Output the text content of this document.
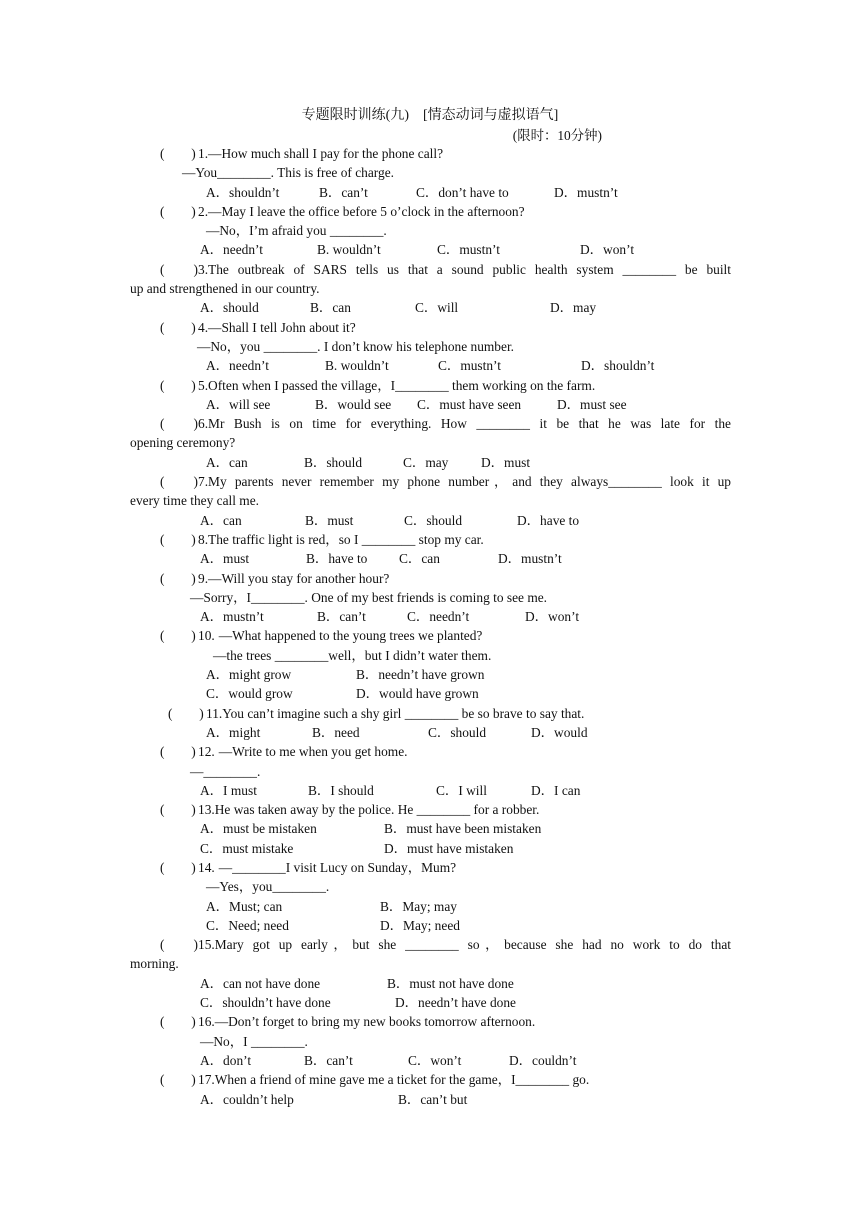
专题限时训练(九)　[情态动词与虚拟语气]
(限时：10分钟)
(　　) 1.—How much shall I pay for the phone call?
—You________. This is free of charge.
A．shouldn’t	B．can’t	C．don’t have to	D．mustn’t
(　　) 2.—May I leave the office before 5 o’clock in the afternoon?
—No，I’m afraid you ________.
A．needn’t	B. wouldn’t	C．mustn’t	D．won’t
(　　)3.The outbreak of SARS tells us that a sound public health system ________ be built
up and strengthened in our country.
A．should	B．can	C．will	D．may
(　　) 4.—Shall I tell John about it?
—No，you ________. I don’t know his telephone number.
A．needn’t	B. wouldn’t	C．mustn’t	D．shouldn’t
(　　) 5.Often when I passed the village，I________ them working on the farm.
A．will see	B．would see C．must have seen	D．must see
(　　)6.Mr Bush is on time for everything. How ________ it be that he was late for the
opening ceremony?
A．can	B．should	C．may D．must
(　　)7.My parents never remember my phone number，and they always________ look it up
every time they call me.
A．can	B．must	C．should	D．have to
(　　) 8.The traffic light is red，so I ________ stop my car.
A．must	B．have to C．can	D．mustn’t
(　　) 9.—Will you stay for another hour?
—Sorry，I________. One of my best friends is coming to see me.
A．mustn’t	B．can’t	C．needn’t	D．won’t
(　　) 10. —What happened to the young trees we planted?
—the trees ________well，but I didn’t water them.
A．might grow	B．needn’t have grown
C．would grow	D．would have grown
(　　) 11.You can’t imagine such a shy girl ________ be so brave to say that.
A．might	B．need	C．should	D．would
(　　) 12. —Write to me when you get home.
—________.
A．I must	B．I should	C．I will	D．I can
(　　) 13.He was taken away by the police. He ________ for a robber.
A．must be mistaken	B．must have been mistaken
C．must mistake	D．must have mistaken
(　　) 14. —________I visit Lucy on Sunday，Mum?
—Yes，you________.
A．Must; can	B．May; may
C．Need; need	D．May; need
(　　)15.Mary got up early，but she ________ so，because she had no work to do that
morning.
A．can not have done	B．must not have done
C．shouldn’t have done	D．needn’t have done
(　　) 16.—Don’t forget to bring my new books tomorrow afternoon.
—No，I ________.
A．don’t	B．can’t	C．won’t	D．couldn’t
(　　) 17.When a friend of mine gave me a ticket for the game，I________ go.
A．couldn’t help	B．can’t but
